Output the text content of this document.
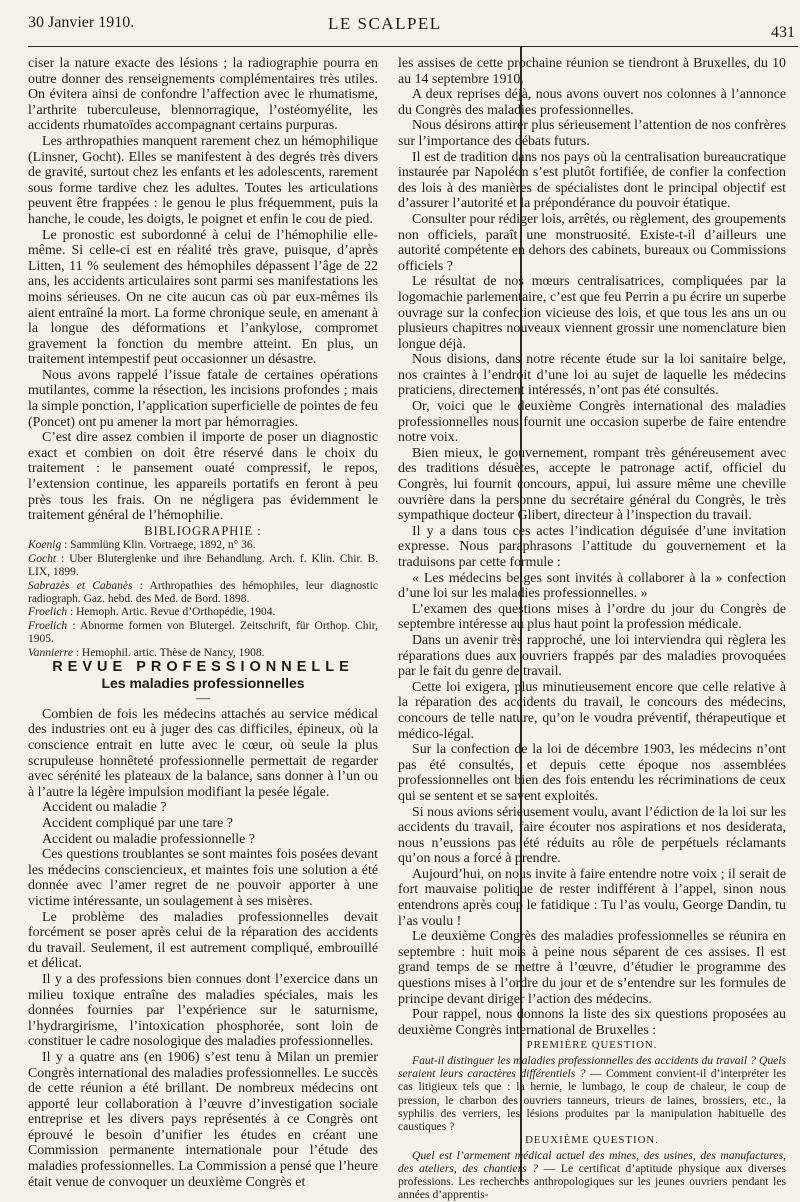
30 Janvier 1910.	LE SCALPEL	431

ciser la nature exacte des lésions ; la radiographie pourra en outre donner des renseignements complémentaires très utiles. On évitera ainsi de confondre l’affection avec le rhumatisme, l’arthrite tuberculeuse, blennorragique, l’ostéomyélite, les accidents rhumatoïdes accompagnant certains purpuras.

Les arthropathies manquent rarement chez un hémophilique (Linsner, Gocht). Elles se manifestent à des degrés très divers de gravité, surtout chez les enfants et les adolescents, rarement sous forme tardive chez les adultes. Toutes les articulations peuvent être frappées : le genou le plus fréquemment, puis la hanche, le coude, les doigts, le poignet et enfin le cou de pied.

Le pronostic est subordonné à celui de l’hémophilie elle-même. Si celle-ci est en réalité très grave, puisque, d’après Litten, 11 % seulement des hémophiles dépassent l’âge de 22 ans, les accidents articulaires sont parmi ses manifestations les moins sérieuses. On ne cite aucun cas où par eux-mêmes ils aient entraîné la mort. La forme chronique seule, en amenant à la longue des déformations et l’ankylose, compromet gravement la fonction du membre atteint. En plus, un traitement intempestif peut occasionner un désastre.

Nous avons rappelé l’issue fatale de certaines opérations mutilantes, comme la résection, les incisions profondes ; mais la simple ponction, l’application superficielle de pointes de feu (Poncet) ont pu amener la mort par hémorragies.

C’est dire assez combien il importe de poser un diagnostic exact et combien on doit être réservé dans le choix du traitement : le pansement ouaté compressif, le repos, l’extension continue, les appareils portatifs en feront à peu près tous les frais. On ne négligera pas évidemment le traitement général de l’hémophilie.

BIBLIOGRAPHIE :

Koenig : Sammlüng Klin. Vortraege, 1892, n° 36.

Gocht : Uber Bluterglenke und ihre Behandlung. Arch. f. Klin. Chir. B. LIX, 1899.

Sabrazès et Cabanès : Arthropathies des hémophiles, leur diagnostic radiograph. Gaz. hebd. des Med. de Bord. 1898.

Froelich : Hemoph. Artic. Revue d’Orthopédie, 1904.

Froelich : Abnorme formen von Blutergel. Zeitschrift, für Orthop. Chir, 1905.

Vannierre : Hemophil. artic. Thèse de Nancy, 1908.

REVUE PROFESSIONNELLE

Les maladies professionnelles

—

Combien de fois les médecins attachés au service médical des industries ont eu à juger des cas difficiles, épineux, où la conscience entrait en lutte avec le cœur, où seule la plus scrupuleuse honnêteté professionnelle permettait de regarder avec sérénité les plateaux de la balance, sans donner à l’un ou à l’autre la légère impulsion modifiant la pesée légale.

Accident ou maladie ?

Accident compliqué par une tare ?

Accident ou maladie professionnelle ?

Ces questions troublantes se sont maintes fois posées devant les médecins consciencieux, et maintes fois une solution a été donnée avec l’amer regret de ne pouvoir apporter à une victime intéressante, un soulagement à ses misères.

Le problème des maladies professionnelles devait forcément se poser après celui de la réparation des accidents du travail. Seulement, il est autrement compliqué, embrouillé et délicat.

Il y a des professions bien connues dont l’exercice dans un milieu toxique entraîne des maladies spéciales, mais les données fournies par l’expérience sur le saturnisme, l’hydrargirisme, l’intoxication phosphorée, sont loin de constituer le cadre nosologique des maladies professionnelles.

Il y a quatre ans (en 1906) s’est tenu à Milan un premier Congrès international des maladies professionnelles. Le succès de cette réunion a été brillant. De nombreux médecins ont apporté leur collaboration à l’œuvre d’investigation sociale entreprise et les divers pays représentés à ce Congrès ont éprouvé le besoin d’unifier les études en créant une Commission permanente internationale pour l’étude des maladies professionnelles. La Commission a pensé que l’heure était venue de convoquer un deuxième Congrès et

les assises de cette prochaine réunion se tiendront à Bruxelles, du 10 au 14 septembre 1910.

A deux reprises déjà, nous avons ouvert nos colonnes à l’annonce du Congrès des maladies professionnelles.

Nous désirons attirer plus sérieusement l’attention de nos confrères sur l’importance des débats futurs.

Il est de tradition dans nos pays où la centralisation bureaucratique instaurée par Napoléon s’est plutôt fortifiée, de confier la confection des lois à des manières de spécialistes dont le principal objectif est d’assurer l’autorité et la prépondérance du pouvoir étatique.

Consulter pour rédiger lois, arrêtés, ou règlement, des groupements non officiels, paraît une monstruosité. Existe-t-il d’ailleurs une autorité compétente en dehors des cabinets, bureaux ou Commissions officiels ?

Le résultat de nos mœurs centralisatrices, compliquées par la logomachie parlementaire, c’est que feu Perrin a pu écrire un superbe ouvrage sur la confection vicieuse des lois, et que tous les ans un ou plusieurs chapitres nouveaux viennent grossir une nomenclature bien longue déjà.

Nous disions, dans notre récente étude sur la loi sanitaire belge, nos craintes à l’endroit d’une loi au sujet de laquelle les médecins praticiens, directement intéressés, n’ont pas été consultés.

Or, voici que le deuxième Congrès international des maladies professionnelles nous fournit une occasion superbe de faire entendre notre voix.

Bien mieux, le gouvernement, rompant très généreusement avec des traditions désuètes, accepte le patronage actif, officiel du Congrès, lui fournit concours, appui, lui assure même une cheville ouvrière dans la personne du secrétaire général du Congrès, le très sympathique docteur Glibert, directeur à l’inspection du travail.

Il y a dans tous ces actes l’indication déguisée d’une invitation expresse. Nous paraphrasons l’attitude du gouvernement et la traduisons par cette formule :

« Les médecins belges sont invités à collaborer à la » confection d’une loi sur les maladies professionnelles. »

L’examen des questions mises à l’ordre du jour du Congrès de septembre intéresse au plus haut point la profession médicale.

Dans un avenir très rapproché, une loi interviendra qui règlera les réparations dues aux ouvriers frappés par des maladies provoquées par le fait du genre de travail.

Cette loi exigera, plus minutieusement encore que celle relative à la réparation des accidents du travail, le concours des médecins, concours de telle nature, qu’on le voudra préventif, thérapeutique et médico-légal.

Sur la confection de la loi de décembre 1903, les médecins n’ont pas été consultés, et depuis cette époque nos assemblées professionnelles ont bien des fois entendu les récriminations de ceux qui se sentent et se savent exploités.

Si nous avions sérieusement voulu, avant l’édiction de la loi sur les accidents du travail, faire écouter nos aspirations et nos desiderata, nous n’eussions pas été réduits au rôle de perpétuels réclamants qu’on nous a forcé à prendre.

Aujourd’hui, on nous invite à faire entendre notre voix ; il serait de fort mauvaise politique de rester indifférent à l’appel, sinon nous entendrons après coup le fatidique : Tu l’as voulu, George Dandin, tu l’as voulu !

Le deuxième Congrès des maladies professionnelles se réunira en septembre : huit mois à peine nous séparent de ces assises. Il est grand temps de se mettre à l’œuvre, d’étudier le programme des questions mises à l’ordre du jour et de s’entendre sur les formules de principe devant diriger l’action des médecins.

Pour rappel, nous donnons la liste des six questions proposées au deuxième Congrès international de Bruxelles :

PREMIÈRE QUESTION.

Faut-il distinguer les maladies professionnelles des accidents du travail ? Quels seraient leurs caractères différentiels ? — Comment convient-il d’interpréter les cas litigieux tels que : la hernie, le lumbago, le coup de chaleur, le coup de pression, le charbon des ouvriers tanneurs, trieurs de laines, brossiers, etc., la syphilis des verriers, les lésions produites par la manipulation habituelle des caustiques ?

DEUXIÈME QUESTION.

Quel est l’armement médical actuel des mines, des usines, des manufactures, des ateliers, des chantiers ? — Le certificat d’aptitude physique aux diverses professions. Les recherches anthropologiques sur les jeunes ouvriers pendant les années d’apprentis-
